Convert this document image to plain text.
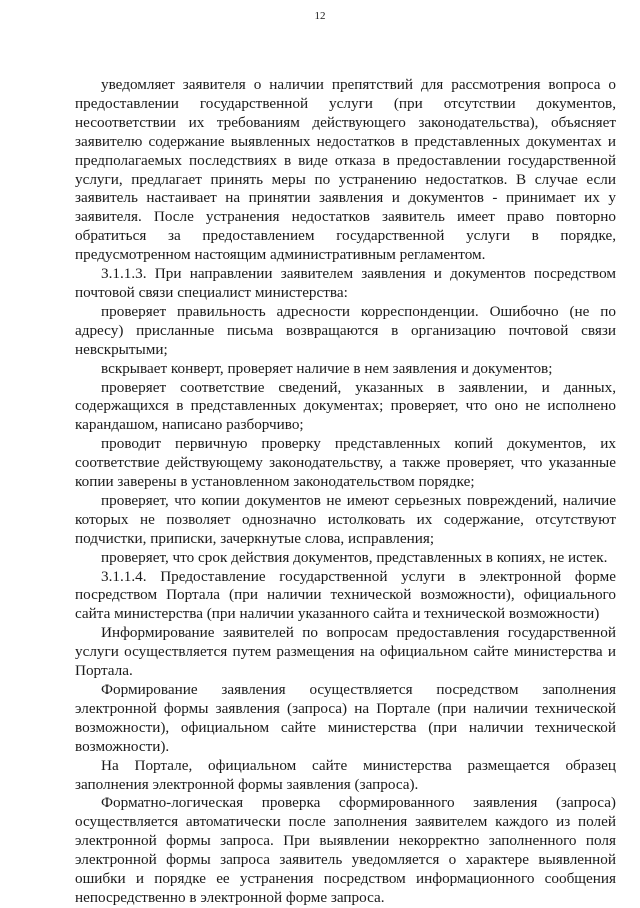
12

уведомляет заявителя о наличии препятствий для рассмотрения вопроса о предоставлении государственной услуги (при отсутствии документов, несоответствии их требованиям действующего законодательства), объясняет заявителю содержание выявленных недостатков в представленных документах и предполагаемых последствиях в виде отказа в предоставлении государственной услуги, предлагает принять меры по устранению недостатков. В случае если заявитель настаивает на принятии заявления и документов - принимает их у заявителя. После устранения недостатков заявитель имеет право повторно обратиться за предоставлением государственной услуги в порядке, предусмотренном настоящим административным регламентом.

3.1.1.3. При направлении заявителем заявления и документов посредством почтовой связи специалист министерства:

проверяет правильность адресности корреспонденции. Ошибочно (не по адресу) присланные письма возвращаются в организацию почтовой связи невскрытыми;

вскрывает конверт, проверяет наличие в нем заявления и документов;

проверяет соответствие сведений, указанных в заявлении, и данных, содержащихся в представленных документах; проверяет, что оно не исполнено карандашом, написано разборчиво;

проводит первичную проверку представленных копий документов, их соответствие действующему законодательству, а также проверяет, что указанные копии заверены в установленном законодательством порядке;

проверяет, что копии документов не имеют серьезных повреждений, наличие которых не позволяет однозначно истолковать их содержание, отсутствуют подчистки, приписки, зачеркнутые слова, исправления;

проверяет, что срок действия документов, представленных в копиях, не истек.

3.1.1.4. Предоставление государственной услуги в электронной форме посредством Портала (при наличии технической возможности), официального сайта министерства (при наличии указанного сайта и технической возможности)

Информирование заявителей по вопросам предоставления государственной услуги осуществляется путем размещения на официальном сайте министерства и Портала.

Формирование заявления осуществляется посредством заполнения электронной формы заявления (запроса) на Портале (при наличии технической возможности), официальном сайте министерства (при наличии технической возможности).

На Портале, официальном сайте министерства размещается образец заполнения электронной формы заявления (запроса).

Форматно-логическая проверка сформированного заявления (запроса) осуществляется автоматически после заполнения заявителем каждого из полей электронной формы запроса. При выявлении некорректно заполненного поля электронной формы запроса заявитель уведомляется о характере выявленной ошибки и порядке ее устранения посредством информационного сообщения непосредственно в электронной форме запроса.
